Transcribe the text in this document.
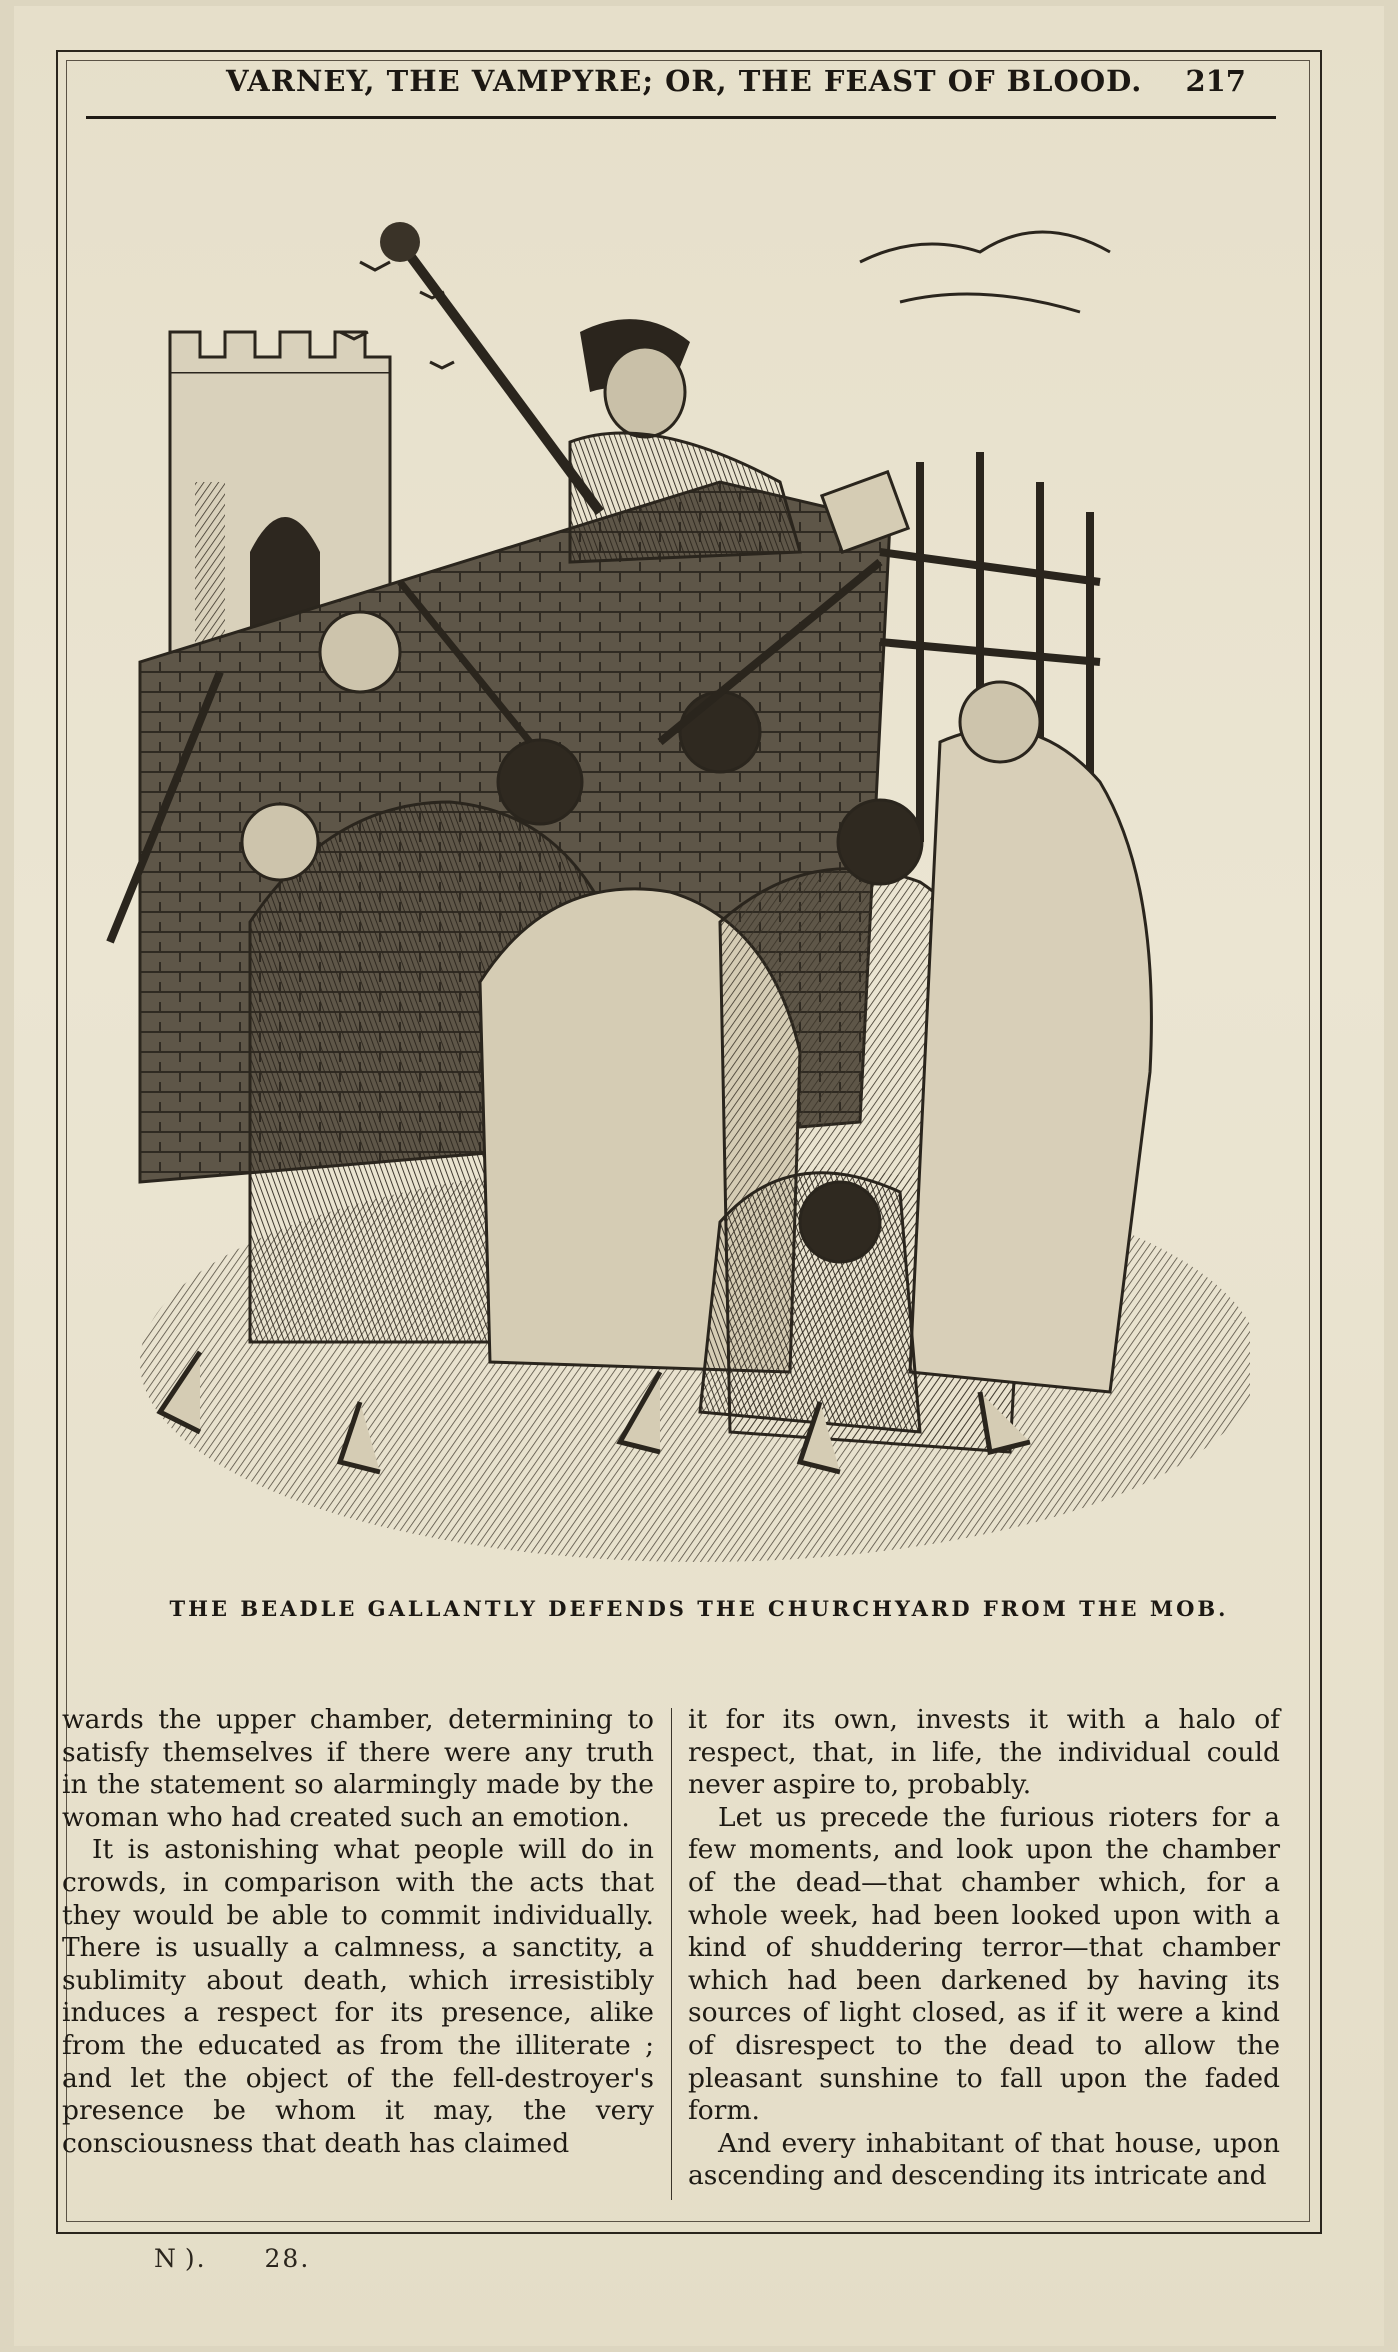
VARNEY, THE VAMPYRE; OR, THE FEAST OF BLOOD. 217
THE BEADLE GALLANTLY DEFENDS THE CHURCHYARD FROM THE MOB.

wards the upper chamber, determining to satisfy themselves if there were any truth in the statement so alarmingly made by the woman who had created such an emotion.

It is astonishing what people will do in crowds, in comparison with the acts that they would be able to commit individually. There is usually a calmness, a sanctity, a sublimity about death, which irresistibly induces a respect for its presence, alike from the educated as from the illiterate ; and let the object of the fell-destroyer's presence be whom it may, the very consciousness that death has claimed

it for its own, invests it with a halo of respect, that, in life, the individual could never aspire to, probably.

Let us precede the furious rioters for a few moments, and look upon the chamber of the dead—that chamber which, for a whole week, had been looked upon with a kind of shuddering terror—that chamber which had been darkened by having its sources of light closed, as if it were a kind of disrespect to the dead to allow the pleasant sunshine to fall upon the faded form.

And every inhabitant of that house, upon ascending and descending its intricate and

N ). 28.
